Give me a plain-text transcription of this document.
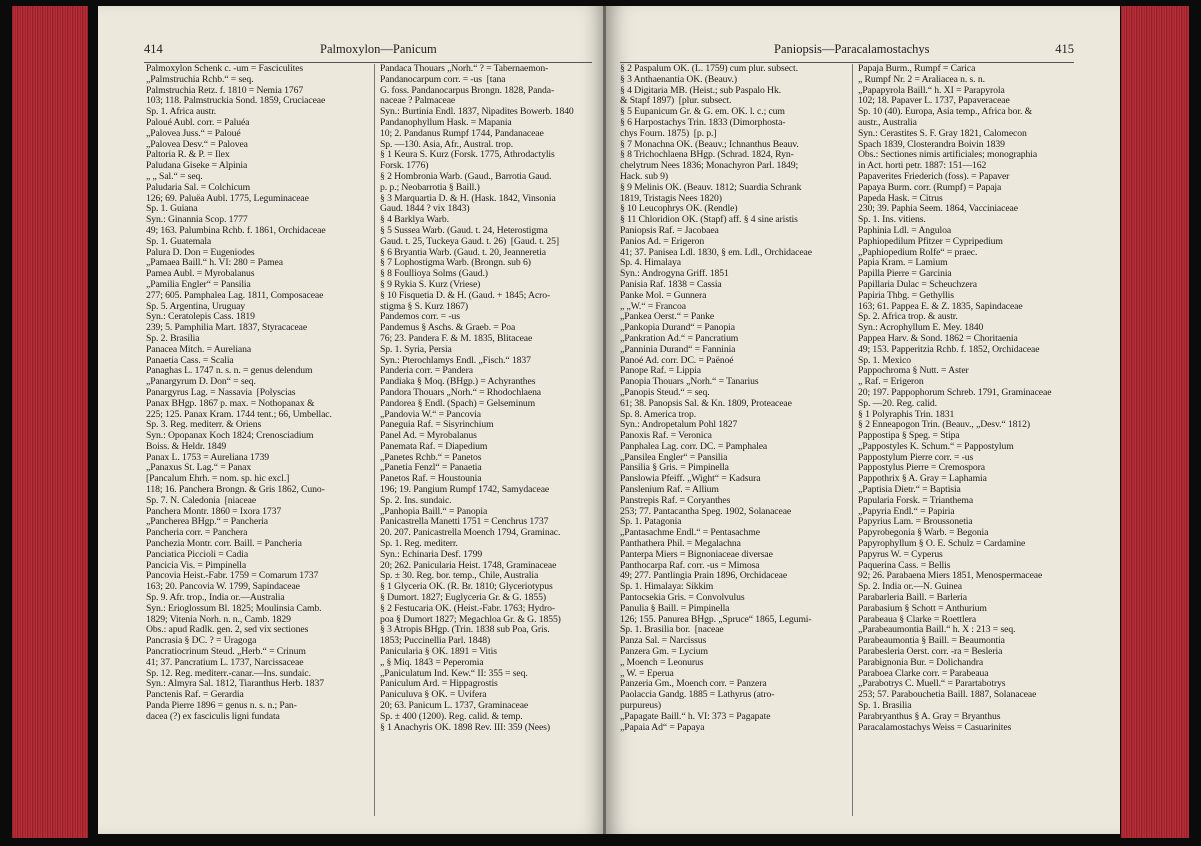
414	Palmoxylon—Panicum
Palmoxylon Schenk c. -um = Fasciculites
„Palmstruchia Rchb.“ = seq.
Palmstruchia Retz. f. 1810 = Nemia 1767
103; 118. Palmstruckia Sond. 1859, Cruciaceae
Sp. 1. Africa austr.
Paloué Aubl. corr. = Paluéa
„Palovea Juss.“ = Paloué
„Palovea Desv.“ = Palovea
Paltoria R. & P. = Ilex
Paludana Giseke = Alpinia
„ „ Sal.“ = seq.
Paludaria Sal. = Colchicum
126; 69. Paluëa Aubl. 1775, Leguminaceae
Sp. 1. Guiana
Syn.: Ginannia Scop. 1777
49; 163. Palumbina Rchb. f. 1861, Orchidaceae
Sp. 1. Guatemala
Palura D. Don = Eugeniodes
„Pamaea Baill.“ h. VI: 280 = Pamea
Pamea Aubl. = Myrobalanus
„Pamilia Engler“ = Pansilia
277; 605. Pamphalea Lag. 1811, Composaceae
Sp. 5. Argentina, Uruguay
Syn.: Ceratolepis Cass. 1819
239; 5. Pamphilia Mart. 1837, Styracaceae
Sp. 2. Brasilia
Panacea Mitch. = Aureliana
Panaetia Cass. = Scalia
Panaghas L. 1747 n. s. n. = genus delendum
„Panargyrum D. Don“ = seq.
Panargyrus Lag. = Nassavia  [Polyscias
Panax BHgp. 1867 p. max. = Nothopanax &
225; 125. Panax Kram. 1744 tent.; 66, Umbellac.
Sp. 3. Reg. mediterr. & Oriens
Syn.: Opopanax Koch 1824; Crenosciadium
Boiss. & Heldr. 1849
Panax L. 1753 = Aureliana 1739
„Panaxus St. Lag.“ = Panax
[Pancalum Ehrh. = nom. sp. hic excl.]
118; 16. Panchera Brongn. & Gris 1862, Cuno-
Sp. 7. N. Caledonia  [niaceae
Panchera Montr. 1860 = Ixora 1737
„Pancherea BHgp.“ = Pancheria
Pancheria corr. = Panchera
Panchezia Montr. corr. Baill. = Pancheria
Panciatica Piccioli = Cadia
Pancicia Vis. = Pimpinella
Pancovia Heist.-Fabr. 1759 = Comarum 1737
163; 20. Pancovia W. 1799, Sapindaceae
Sp. 9. Afr. trop., India or.—Australia
Syn.: Erioglossum Bl. 1825; Moulinsia Camb.
1829; Vitenia Norh. n. n., Camb. 1829
Obs.: apud Radlk. gen. 2, sed vix sectiones
Pancrasia § DC. ? = Uragoga
Pancratiocrinum Steud. „Herb.“ = Crinum
41; 37. Pancratium L. 1737, Narcissaceae
Sp. 12. Reg. mediterr.-canar.—Ins. sundaic.
Syn.: Almyra Sal. 1812, Tiaranthus Herb. 1837
Panctenis Raf. = Gerardia
Panda Pierre 1896 = genus n. s. n.; Pan-
dacea (?) ex fasciculis ligni fundata
Pandaca Thouars „Norh.“ ? = Tabernaemon-
Pandanocarpum corr. = -us  [tana
G. foss. Pandanocarpus Brongn. 1828, Panda-
naceae ? Palmaceae
Syn.: Burtinia Endl. 1837, Nipadites Bowerb. 1840
Pandanophyllum Hask. = Mapania
10; 2. Pandanus Rumpf 1744, Pandanaceae
Sp. —130. Asia, Afr., Austral. trop.
§ 1 Keura S. Kurz (Forsk. 1775, Athrodactylis
Forsk. 1776)
§ 2 Hombronia Warb. (Gaud., Barrotia Gaud.
p. p.; Neobarrotia § Baill.)
§ 3 Marquartia D. & H. (Hask. 1842, Vinsonia
Gaud. 1844 ? vix 1843)
§ 4 Barklya Warb.
§ 5 Sussea Warb. (Gaud. t. 24, Heterostigma
Gaud. t. 25, Tuckeya Gaud. t. 26)  [Gaud. t. 25]
§ 6 Bryantia Warb. (Gaud. t. 20, Jeanneretia
§ 7 Lophostigma Warb. (Brongn. sub 6)
§ 8 Foullioya Solms (Gaud.)
§ 9 Rykia S. Kurz (Vriese)
§ 10 Fisquetia D. & H. (Gaud. + 1845; Acro-
stigma § S. Kurz 1867)
Pandemos corr. = -us
Pandemus § Aschs. & Graeb. = Poa
76; 23. Pandera F. & M. 1835, Blitaceae
Sp. 1. Syria, Persia
Syn.: Pterochlamys Endl. „Fisch.“ 1837
Panderia corr. = Pandera
Pandiaka § Moq. (BHgp.) = Achyranthes
Pandora Thouars „Norh.“ = Rhodochlaena
Pandorea § Endl. (Spach) = Gelseminum
„Pandovia W.“ = Pancovia
Paneguia Raf. = Sisyrinchium
Panel Ad. = Myrobalanus
Panemata Raf. = Diapedium
„Panetes Rchb.“ = Panetos
„Panetia Fenzl“ = Panaetia
Panetos Raf. = Houstounia
196; 19. Pangium Rumpf 1742, Samydaceae
Sp. 2. Ins. sundaic.
„Panhopia Baill.“ = Panopia
Panicastrella Manetti 1751 = Cenchrus 1737
20. 207. Panicastrella Moench 1794, Graminac.
Sp. 1. Reg. mediterr.
Syn.: Echinaria Desf. 1799
20; 262. Panicularia Heist. 1748, Graminaceae
Sp. ± 30. Reg. bor. temp., Chile, Australia
§ 1 Glyceria OK. (R. Br. 1810; Glyceriotypus
§ Dumort. 1827; Euglyceria Gr. & G. 1855)
§ 2 Festucaria OK. (Heist.-Fabr. 1763; Hydro-
poa § Dumort 1827; Megachloa Gr. & G. 1855)
§ 3 Atropis BHgp. (Trin. 1838 sub Poa, Gris.
1853; Puccinellia Parl. 1848)
Panicularia § OK. 1891 = Vitis
„ § Miq. 1843 = Peperomia
„Paniculatum Ind. Kew.“ II: 355 = seq.
Paniculum Ard. = Hippagrostis
Paniculuva § OK. = Uvifera
20; 63. Panicum L. 1737, Graminaceae
Sp. ± 400 (1200). Reg. calid. & temp.
§ 1 Anachyris OK. 1898 Rev. III: 359 (Nees)
Paniopsis—Paracalamostachys	415
§ 2 Paspalum OK. (L. 1759) cum plur. subsect.
§ 3 Anthaenantia OK. (Beauv.)
§ 4 Digitaria MB. (Heist.; sub Paspalo Hk.
& Stapf 1897)  [plur. subsect.
§ 5 Eupanicum Gr. & G. em. OK. l. c.; cum
§ 6 Harpostachys Trin. 1833 (Dimorphosta-
chys Fourn. 1875)  [p. p.]
§ 7 Monachna OK. (Beauv.; Ichnanthus Beauv.
§ 8 Trichochlaena BHgp. (Schrad. 1824, Ryn-
chelytrum Nees 1836; Monachyron Parl. 1849;
Hack. sub 9)
§ 9 Melinis OK. (Beauv. 1812; Suardia Schrank
1819, Tristagis Nees 1820)
§ 10 Leucophrys OK. (Rendle)
§ 11 Chloridion OK. (Stapf) aff. § 4 sine aristis
Paniopsis Raf. = Jacobaea
Panios Ad. = Erigeron
41; 37. Panisea Ldl. 1830, § em. Ldl., Orchidaceae
Sp. 4. Himalaya
Syn.: Androgyna Griff. 1851
Panisia Raf. 1838 = Cassia
Panke Mol. = Gunnera
„ „W.“ = Francoa
„Pankea Oerst.“ = Panke
„Pankopia Durand“ = Panopia
„Pankration Ad.“ = Pancratium
„Panninia Durand“ = Fanninia
Panoé Ad. corr. DC. = Paënoé
Panope Raf. = Lippia
Panopia Thouars „Norh.“ = Tanarius
„Panopis Steud.“ = seq.
61; 38. Panopsis Sal. & Kn. 1809, Proteaceae
Sp. 8. America trop.
Syn.: Andropetalum Pohl 1827
Panoxis Raf. = Veronica
Panphalea Lag. corr. DC. = Pamphalea
„Pansilea Engler“ = Pansilia
Pansilia § Gris. = Pimpinella
Panslowia Pfeiff. „Wight“ = Kadsura
Panslenium Raf. = Allium
Panstrepis Raf. = Coryanthes
253; 77. Pantacantha Speg. 1902, Solanaceae
Sp. 1. Patagonia
„Pantasachme Endl.“ = Pentasachme
Panthathera Phil. = Megalachna
Panterpa Miers = Bignoniaceae diversae
Panthocarpa Raf. corr. -us = Mimosa
49; 277. Pantlingia Prain 1896, Orchidaceae
Sp. 1. Himalaya: Sikkim
Pantocsekia Gris. = Convolvulus
Panulia § Baill. = Pimpinella
126; 155. Panurea BHgp. „Spruce“ 1865, Legumi-
Sp. 1. Brasilia bor.  [naceae
Panza Sal. = Narcissus
Panzera Gm. = Lycium
„ Moench = Leonurus
„ W. = Eperua
Panzeria Gm., Moench corr. = Panzera
Paolaccia Gandg. 1885 = Lathyrus (atro-
purpureus)
„Papagate Baill.“ h. VI: 373 = Pagapate
„Papaia Ad“ = Papaya
Papaja Burm., Rumpf = Carica
„ Rumpf Nr. 2 = Araliacea n. s. n.
„Papapyrola Baill.“ h. XI = Parapyrola
102; 18. Papaver L. 1737, Papaveraceae
Sp. 10 (40). Europa, Asia temp., Africa bor. &
austr., Australia
Syn.: Cerastites S. F. Gray 1821, Calomecon
Spach 1839, Closterandra Boivin 1839
Obs.: Sectiones nimis artificiales; monographia
in Act. horti petr. 1887: 151—162
Papaverites Friederich (foss). = Papaver
Papaya Burm. corr. (Rumpf) = Papaja
Papeda Hask. = Citrus
230; 39. Paphia Seem. 1864, Vacciniaceae
Sp. 1. Ins. vitiens.
Paphinia Ldl. = Anguloa
Paphiopedilum Pfitzer = Cypripedium
„Paphiopedium Rolfe“ = praec.
Papia Kram. = Lamium
Papilla Pierre = Garcinia
Papillaria Dulac = Scheuchzera
Papiria Thbg. = Gethyllis
163; 61. Pappea E. & Z. 1835, Sapindaceae
Sp. 2. Africa trop. & austr.
Syn.: Acrophyllum E. Mey. 1840
Pappea Harv. & Sond. 1862 = Choritaenia
49; 153. Papperitzia Rchb. f. 1852, Orchidaceae
Sp. 1. Mexico
Pappochroma § Nutt. = Aster
„ Raf. = Erigeron
20; 197. Pappophorum Schreb. 1791, Graminaceae
Sp. —20. Reg. calid.
§ 1 Polyraphis Trin. 1831
§ 2 Enneapogon Trin. (Beauv., „Desv.“ 1812)
Pappostipa § Speg. = Stipa
„Pappostyles K. Schum.“ = Pappostylum
Pappostylum Pierre corr. = -us
Pappostylus Pierre = Cremospora
Pappothrix § A. Gray = Laphamia
„Paptisia Dietr.“ = Baptisia
Papularia Forsk. = Trianthema
„Papyria Endl.“ = Papiria
Papyrius Lam. = Broussonetia
Papyrobegonia § Warb. = Begonia
Papyrophyllum § O. E. Schulz = Cardamine
Papyrus W. = Cyperus
Paquerina Cass. = Bellis
92; 26. Parabaena Miers 1851, Menospermaceae
Sp. 2. India or.—N. Guinea
Parabarleria Baill. = Barleria
Parabasium § Schott = Anthurium
Parabeaua § Clarke = Roettlera
„Parabeaumontia Baill.“ h. X : 213 = seq.
Parabeaumontia § Baill. = Beaumontia
Parabesleria Oerst. corr. -ra = Besleria
Parabignonia Bur. = Dolichandra
Paraboea Clarke corr. = Parabeaua
„Parabotrys C. Muell.“ = Parartabotrys
253; 57. Parabouchetia Baill. 1887, Solanaceae
Sp. 1. Brasilia
Parabryanthus § A. Gray = Bryanthus
Paracalamostachys Weiss = Casuarinites
